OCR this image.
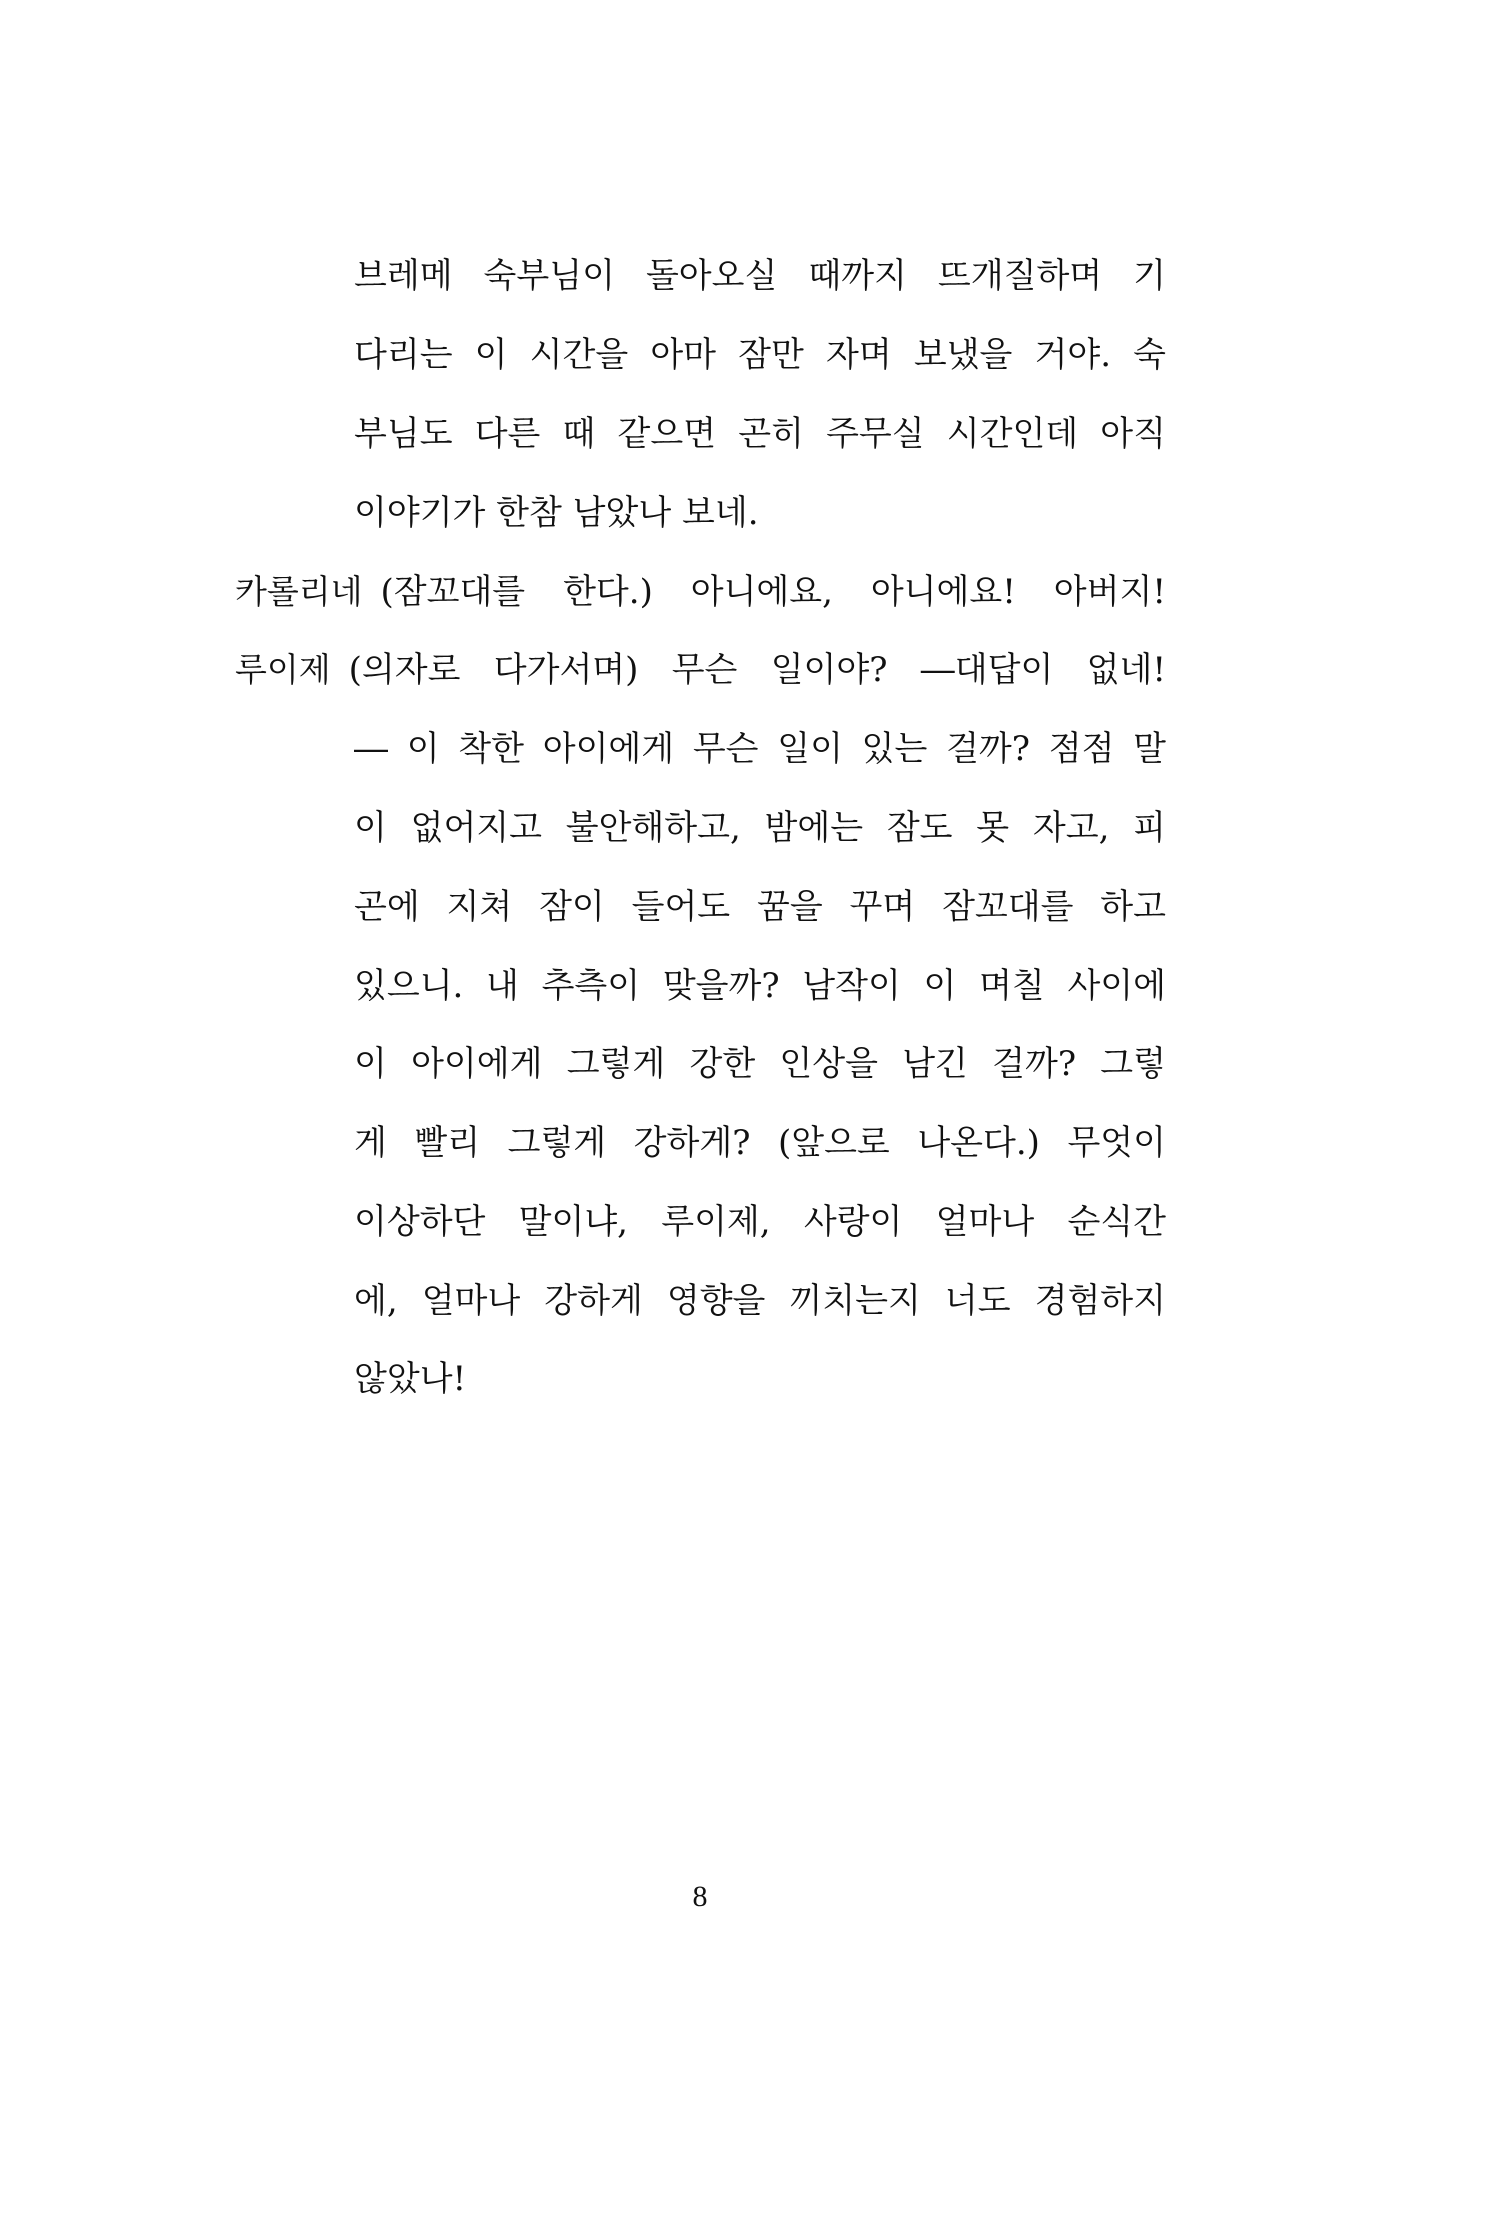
브레메 숙부님이 돌아오실 때까지 뜨개질하며 기
다리는 이 시간을 아마 잠만 자며 보냈을 거야. 숙
부님도 다른 때 같으면 곤히 주무실 시간인데 아직
이야기가 한참 남았나 보네.
카롤리네 (잠꼬대를 한다.) 아니에요, 아니에요! 아버지!
루이제 (의자로 다가서며) 무슨 일이야? ―대답이 없네!
― 이 착한 아이에게 무슨 일이 있는 걸까? 점점 말
이 없어지고 불안해하고, 밤에는 잠도 못 자고, 피
곤에 지쳐 잠이 들어도 꿈을 꾸며 잠꼬대를 하고
있으니. 내 추측이 맞을까? 남작이 이 며칠 사이에
이 아이에게 그렇게 강한 인상을 남긴 걸까? 그렇
게 빨리 그렇게 강하게? (앞으로 나온다.) 무엇이
이상하단 말이냐, 루이제, 사랑이 얼마나 순식간
에, 얼마나 강하게 영향을 끼치는지 너도 경험하지
않았나!
8
